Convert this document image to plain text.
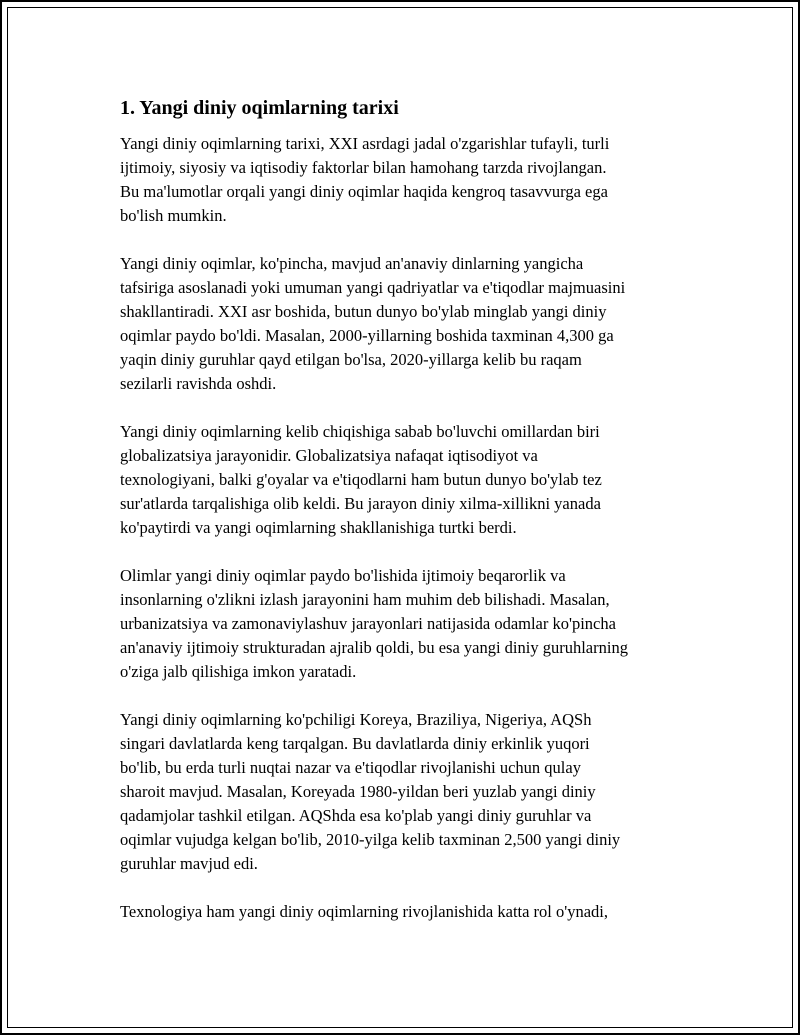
1. Yangi diniy oqimlarning tarixi

Yangi diniy oqimlarning tarixi, XXI asrdagi jadal o'zgarishlar tufayli, turli
ijtimoiy, siyosiy va iqtisodiy faktorlar bilan hamohang tarzda rivojlangan.
Bu ma'lumotlar orqali yangi diniy oqimlar haqida kengroq tasavvurga ega
bo'lish mumkin.

Yangi diniy oqimlar, ko'pincha, mavjud an'anaviy dinlarning yangicha
tafsiriga asoslanadi yoki umuman yangi qadriyatlar va e'tiqodlar majmuasini
shakllantiradi. XXI asr boshida, butun dunyo bo'ylab minglab yangi diniy
oqimlar paydo bo'ldi. Masalan, 2000-yillarning boshida taxminan 4,300 ga
yaqin diniy guruhlar qayd etilgan bo'lsa, 2020-yillarga kelib bu raqam
sezilarli ravishda oshdi.

Yangi diniy oqimlarning kelib chiqishiga sabab bo'luvchi omillardan biri
globalizatsiya jarayonidir. Globalizatsiya nafaqat iqtisodiyot va
texnologiyani, balki g'oyalar va e'tiqodlarni ham butun dunyo bo'ylab tez
sur'atlarda tarqalishiga olib keldi. Bu jarayon diniy xilma-xillikni yanada
ko'paytirdi va yangi oqimlarning shakllanishiga turtki berdi.

Olimlar yangi diniy oqimlar paydo bo'lishida ijtimoiy beqarorlik va
insonlarning o'zlikni izlash jarayonini ham muhim deb bilishadi. Masalan,
urbanizatsiya va zamonaviylashuv jarayonlari natijasida odamlar ko'pincha
an'anaviy ijtimoiy strukturadan ajralib qoldi, bu esa yangi diniy guruhlarning
o'ziga jalb qilishiga imkon yaratadi.

Yangi diniy oqimlarning ko'pchiligi Koreya, Braziliya, Nigeriya, AQSh
singari davlatlarda keng tarqalgan. Bu davlatlarda diniy erkinlik yuqori
bo'lib, bu erda turli nuqtai nazar va e'tiqodlar rivojlanishi uchun qulay
sharoit mavjud. Masalan, Koreyada 1980-yildan beri yuzlab yangi diniy
qadamjolar tashkil etilgan. AQShda esa ko'plab yangi diniy guruhlar va
oqimlar vujudga kelgan bo'lib, 2010-yilga kelib taxminan 2,500 yangi diniy
guruhlar mavjud edi.

Texnologiya ham yangi diniy oqimlarning rivojlanishida katta rol o'ynadi,
